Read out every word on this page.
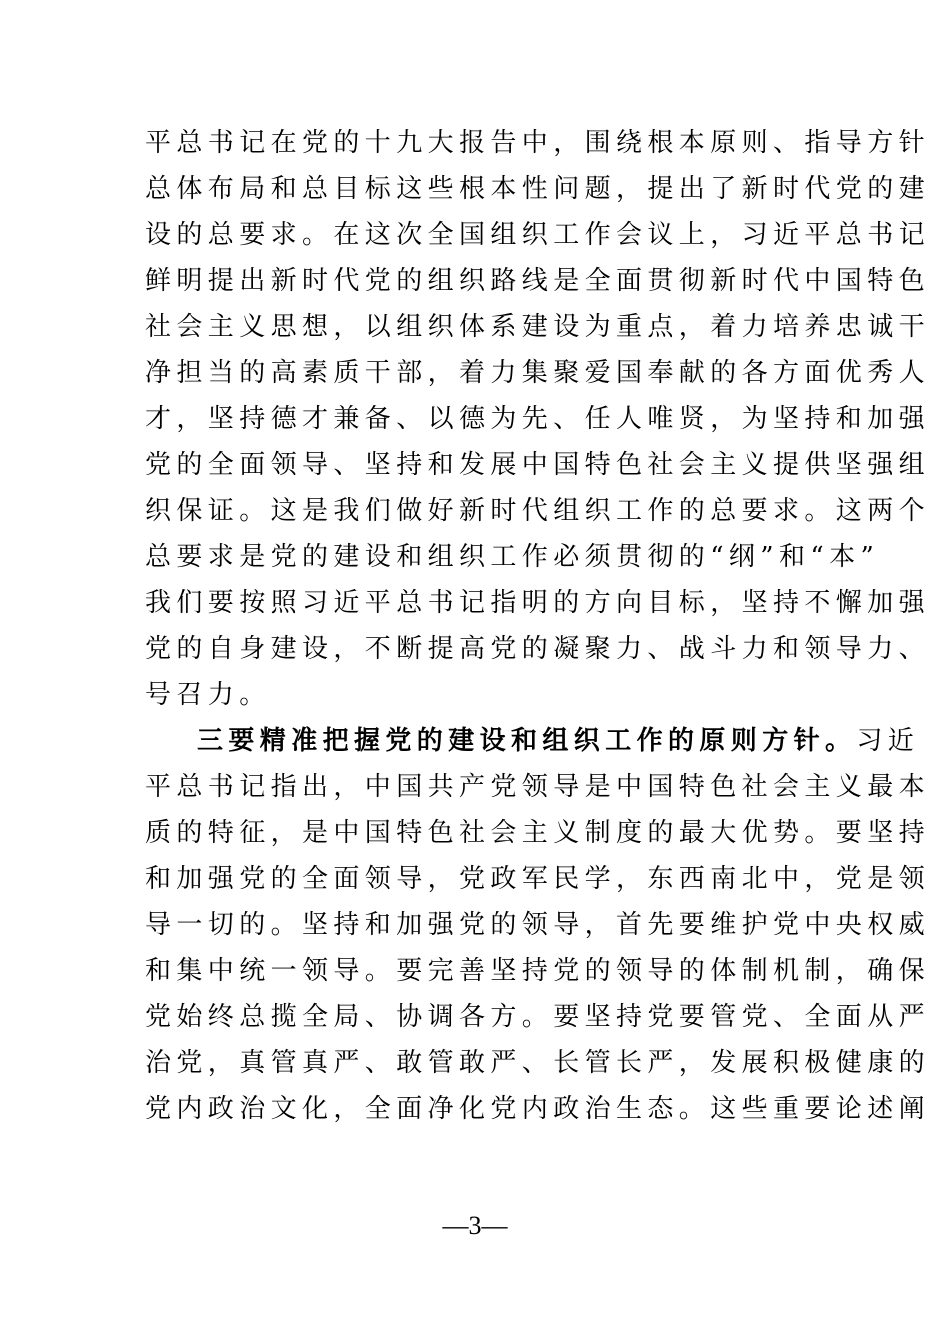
平总书记在党的十九大报告中，围绕根本原则、指导方针
总体布局和总目标这些根本性问题，提出了新时代党的建
设的总要求。在这次全国组织工作会议上，习近平总书记
鲜明提出新时代党的组织路线是全面贯彻新时代中国特色
社会主义思想，以组织体系建设为重点，着力培养忠诚干
净担当的高素质干部，着力集聚爱国奉献的各方面优秀人
才，坚持德才兼备、以德为先、任人唯贤，为坚持和加强
党的全面领导、坚持和发展中国特色社会主义提供坚强组
织保证。这是我们做好新时代组织工作的总要求。这两个
总要求是党的建设和组织工作必须贯彻的“纲”和“本”
我们要按照习近平总书记指明的方向目标，坚持不懈加强
党的自身建设，不断提高党的凝聚力、战斗力和领导力、
号召力。
三要精准把握党的建设和组织工作的原则方针。习近
平总书记指出，中国共产党领导是中国特色社会主义最本
质的特征，是中国特色社会主义制度的最大优势。要坚持
和加强党的全面领导，党政军民学，东西南北中，党是领
导一切的。坚持和加强党的领导，首先要维护党中央权威
和集中统一领导。要完善坚持党的领导的体制机制，确保
党始终总揽全局、协调各方。要坚持党要管党、全面从严
治党，真管真严、敢管敢严、长管长严，发展积极健康的
党内政治文化，全面净化党内政治生态。这些重要论述阐
—3—
